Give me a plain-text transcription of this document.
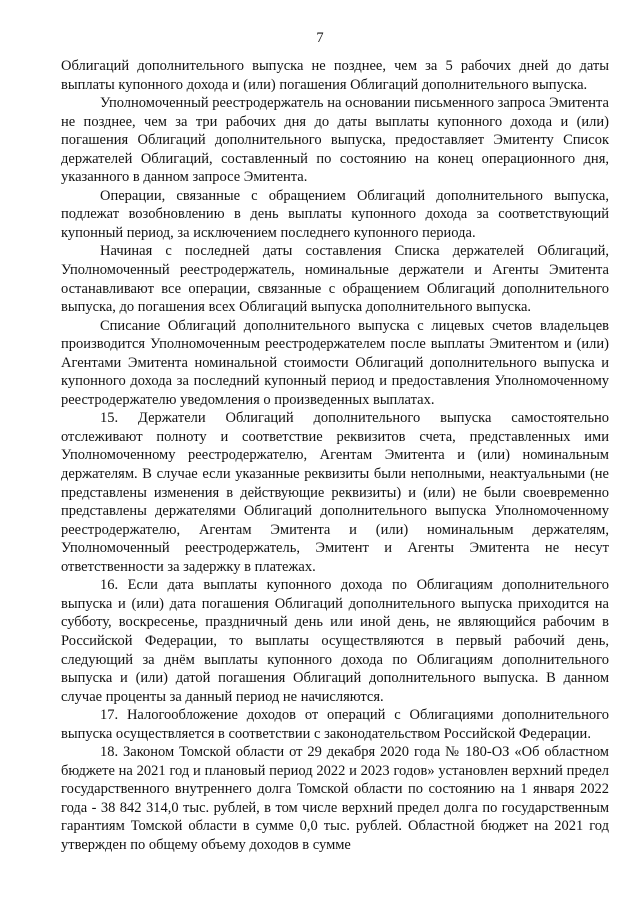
7

Облигаций дополнительного выпуска не позднее, чем за 5 рабочих дней до даты выплаты купонного дохода и (или) погашения Облигаций дополнительного выпуска.

Уполномоченный реестродержатель на основании письменного запроса Эмитента не позднее, чем за три рабочих дня до даты выплаты купонного дохода и (или) погашения Облигаций дополнительного выпуска, предоставляет Эмитенту Список держателей Облигаций, составленный по состоянию на конец операционного дня, указанного в данном запросе Эмитента.

Операции, связанные с обращением Облигаций дополнительного выпуска, подлежат возобновлению в день выплаты купонного дохода за соответствующий купонный период, за исключением последнего купонного периода.

Начиная с последней даты составления Списка держателей Облигаций, Уполномоченный реестродержатель, номинальные держатели и Агенты Эмитента останавливают все операции, связанные с обращением Облигаций дополнительного выпуска, до погашения всех Облигаций выпуска дополнительного выпуска.

Списание Облигаций дополнительного выпуска с лицевых счетов владельцев производится Уполномоченным реестродержателем после выплаты Эмитентом и (или) Агентами Эмитента номинальной стоимости Облигаций дополнительного выпуска и купонного дохода за последний купонный период и предоставления Уполномоченному реестродержателю уведомления о произведенных выплатах.

15. Держатели Облигаций дополнительного выпуска самостоятельно отслеживают полноту и соответствие реквизитов счета, представленных ими Уполномоченному реестродержателю, Агентам Эмитента и (или) номинальным держателям. В случае если указанные реквизиты были неполными, неактуальными (не представлены изменения в действующие реквизиты) и (или) не были своевременно представлены держателями Облигаций дополнительного выпуска Уполномоченному реестродержателю, Агентам Эмитента и (или) номинальным держателям, Уполномоченный реестродержатель, Эмитент и Агенты Эмитента не несут ответственности за задержку в платежах.

16. Если дата выплаты купонного дохода по Облигациям дополнительного выпуска и (или) дата погашения Облигаций дополнительного выпуска приходится на субботу, воскресенье, праздничный день или иной день, не являющийся рабочим в Российской Федерации, то выплаты осуществляются в первый рабочий день, следующий за днём выплаты купонного дохода по Облигациям дополнительного выпуска и (или) датой погашения Облигаций дополнительного выпуска. В данном случае проценты за данный период не начисляются.

17. Налогообложение доходов от операций с Облигациями дополнительного выпуска осуществляется в соответствии с законодательством Российской Федерации.

18. Законом Томской области от 29 декабря 2020 года № 180-ОЗ «Об областном бюджете на 2021 год и плановый период 2022 и 2023 годов» установлен верхний предел государственного внутреннего долга Томской области по состоянию на 1 января 2022 года - 38 842 314,0 тыс. рублей, в том числе верхний предел долга по государственным гарантиям Томской области в сумме 0,0 тыс. рублей. Областной бюджет на 2021 год утвержден по общему объему доходов в сумме
